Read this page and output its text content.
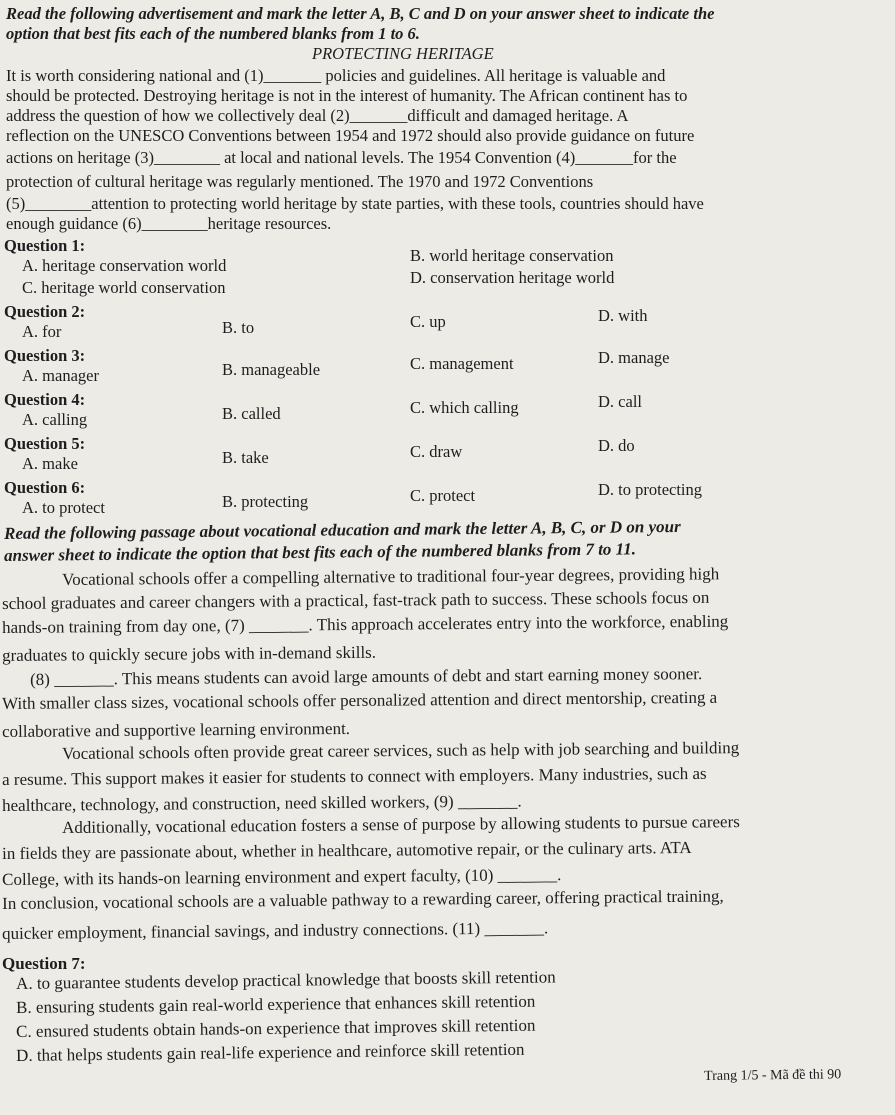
Read the following advertisement and mark the letter A, B, C and D on your answer sheet to indicate the
option that best fits each of the numbered blanks from 1 to 6.
PROTECTING HERITAGE
It is worth considering national and (1)_______ policies and guidelines. All heritage is valuable and
should be protected. Destroying heritage is not in the interest of humanity. The African continent has to
address the question of how we collectively deal (2)_______difficult and damaged heritage. A
reflection on the UNESCO Conventions between 1954 and 1972 should also provide guidance on future
actions on heritage (3)________ at local and national levels. The 1954 Convention (4)_______for the
protection of cultural heritage was regularly mentioned. The 1970 and 1972 Conventions
(5)________attention to protecting world heritage by state parties, with these tools, countries should have
enough guidance (6)________heritage resources.
Question 1:
A. heritage conservation world
B. world heritage conservation
C. heritage world conservation
D. conservation heritage world
Question 2:
A. for	B. to	C. up	D. with
Question 3:
A. manager	B. manageable	C. management	D. manage
Question 4:
A. calling	B. called	C. which calling	D. call
Question 5:
A. make	B. take	C. draw	D. do
Question 6:
A. to protect	B. protecting	C. protect	D. to protecting
Read the following passage about vocational education and mark the letter A, B, C, or D on your
answer sheet to indicate the option that best fits each of the numbered blanks from 7 to 11.
Vocational schools offer a compelling alternative to traditional four-year degrees, providing high
school graduates and career changers with a practical, fast-track path to success. These schools focus on
hands-on training from day one, (7) _______. This approach accelerates entry into the workforce, enabling
graduates to quickly secure jobs with in-demand skills.
(8) _______. This means students can avoid large amounts of debt and start earning money sooner.
With smaller class sizes, vocational schools offer personalized attention and direct mentorship, creating a
collaborative and supportive learning environment.
Vocational schools often provide great career services, such as help with job searching and building
a resume. This support makes it easier for students to connect with employers. Many industries, such as
healthcare, technology, and construction, need skilled workers, (9) _______.
Additionally, vocational education fosters a sense of purpose by allowing students to pursue careers
in fields they are passionate about, whether in healthcare, automotive repair, or the culinary arts. ATA
College, with its hands-on learning environment and expert faculty, (10) _______.
In conclusion, vocational schools are a valuable pathway to a rewarding career, offering practical training,
quicker employment, financial savings, and industry connections. (11) _______.
Question 7:
A. to guarantee students develop practical knowledge that boosts skill retention
B. ensuring students gain real-world experience that enhances skill retention
C. ensured students obtain hands-on experience that improves skill retention
D. that helps students gain real-life experience and reinforce skill retention
Trang 1/5 - Mã đề thi 90
